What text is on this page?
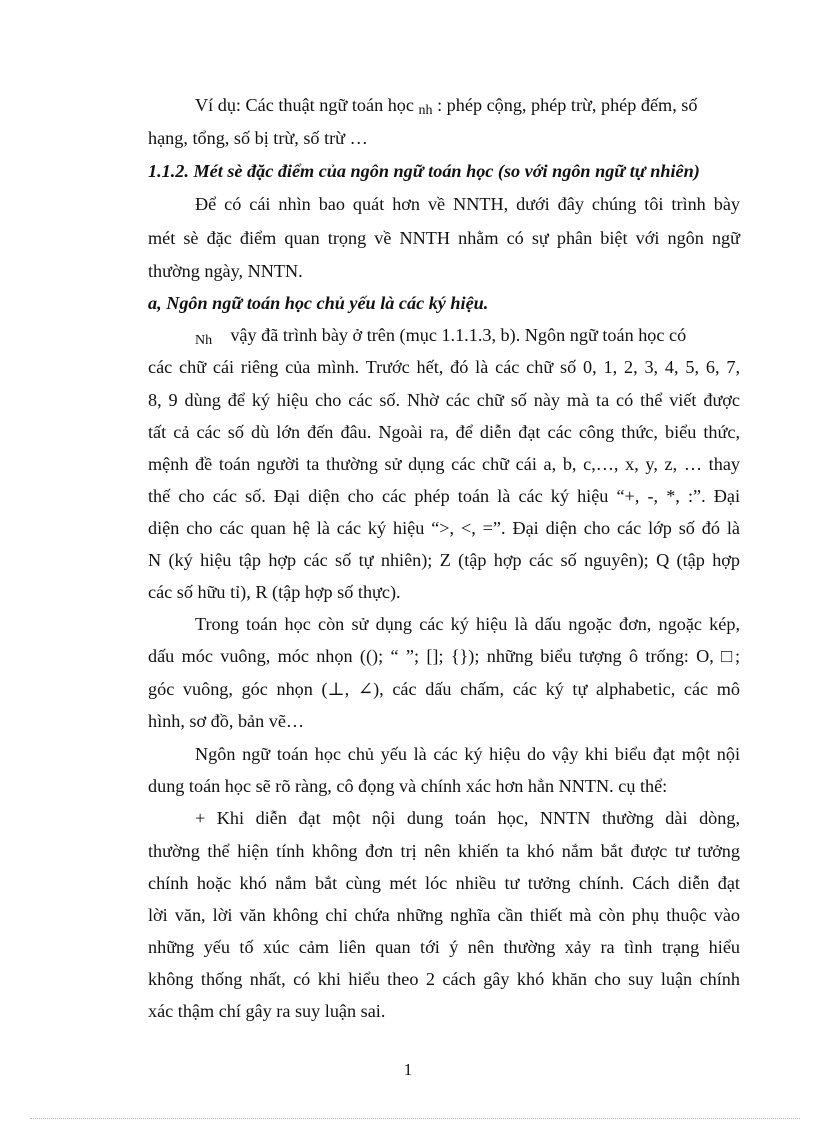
Ví dụ: Các thuật ngữ toán học nh : phép cộng, phép trừ, phép đếm, số
hạng, tổng, số bị trừ, số trừ …
1.1.2. Mét sè đặc điểm của ngôn ngữ toán học (so với ngôn ngữ tự nhiên)
Để có cái nhìn bao quát hơn về NNTH, dưới đây chúng tôi trình bày
mét sè đặc điểm quan trọng về NNTH nhằm có sự phân biệt với ngôn ngữ
thường ngày, NNTN.
a, Ngôn ngữ toán học chủ yếu là các ký hiệu.
Nh vậy đã trình bày ở trên (mục 1.1.1.3, b). Ngôn ngữ toán học có
các chữ cái riêng của mình. Trước hết, đó là các chữ số 0, 1, 2, 3, 4, 5, 6, 7,
8, 9 dùng để ký hiệu cho các số. Nhờ các chữ số này mà ta có thể viết được
tất cả các số dù lớn đến đâu. Ngoài ra, để diễn đạt các công thức, biểu thức,
mệnh đề toán người ta thường sử dụng các chữ cái a, b, c,…, x, y, z, … thay
thế cho các số. Đại diện cho các phép toán là các ký hiệu “+, -, *, :”. Đại
diện cho các quan hệ là các ký hiệu “>, <, =”. Đại diện cho các lớp số đó là
N (ký hiệu tập hợp các số tự nhiên); Z (tập hợp các số nguyên); Q (tập hợp
các số hữu tỉ), R (tập hợp số thực).
Trong toán học còn sử dụng các ký hiệu là dấu ngoặc đơn, ngoặc kép,
dấu móc vuông, móc nhọn ((); “ ”; []; {}); những biểu tượng ô trống: O, □;
góc vuông, góc nhọn (⊥, ∠), các dấu chấm, các ký tự alphabetic, các mô
hình, sơ đồ, bản vẽ…
Ngôn ngữ toán học chủ yếu là các ký hiệu do vậy khi biểu đạt một nội
dung toán học sẽ rõ ràng, cô đọng và chính xác hơn hẳn NNTN. cụ thể:
+ Khi diễn đạt một nội dung toán học, NNTN thường dài dòng,
thường thể hiện tính không đơn trị nên khiến ta khó nắm bắt được tư tưởng
chính hoặc khó nắm bắt cùng mét lóc nhiều tư tưởng chính. Cách diễn đạt
lời văn, lời văn không chỉ chứa những nghĩa cần thiết mà còn phụ thuộc vào
những yếu tố xúc cảm liên quan tới ý nên thường xảy ra tình trạng hiểu
không thống nhất, có khi hiểu theo 2 cách gây khó khăn cho suy luận chính
xác thậm chí gây ra suy luận sai.
1
